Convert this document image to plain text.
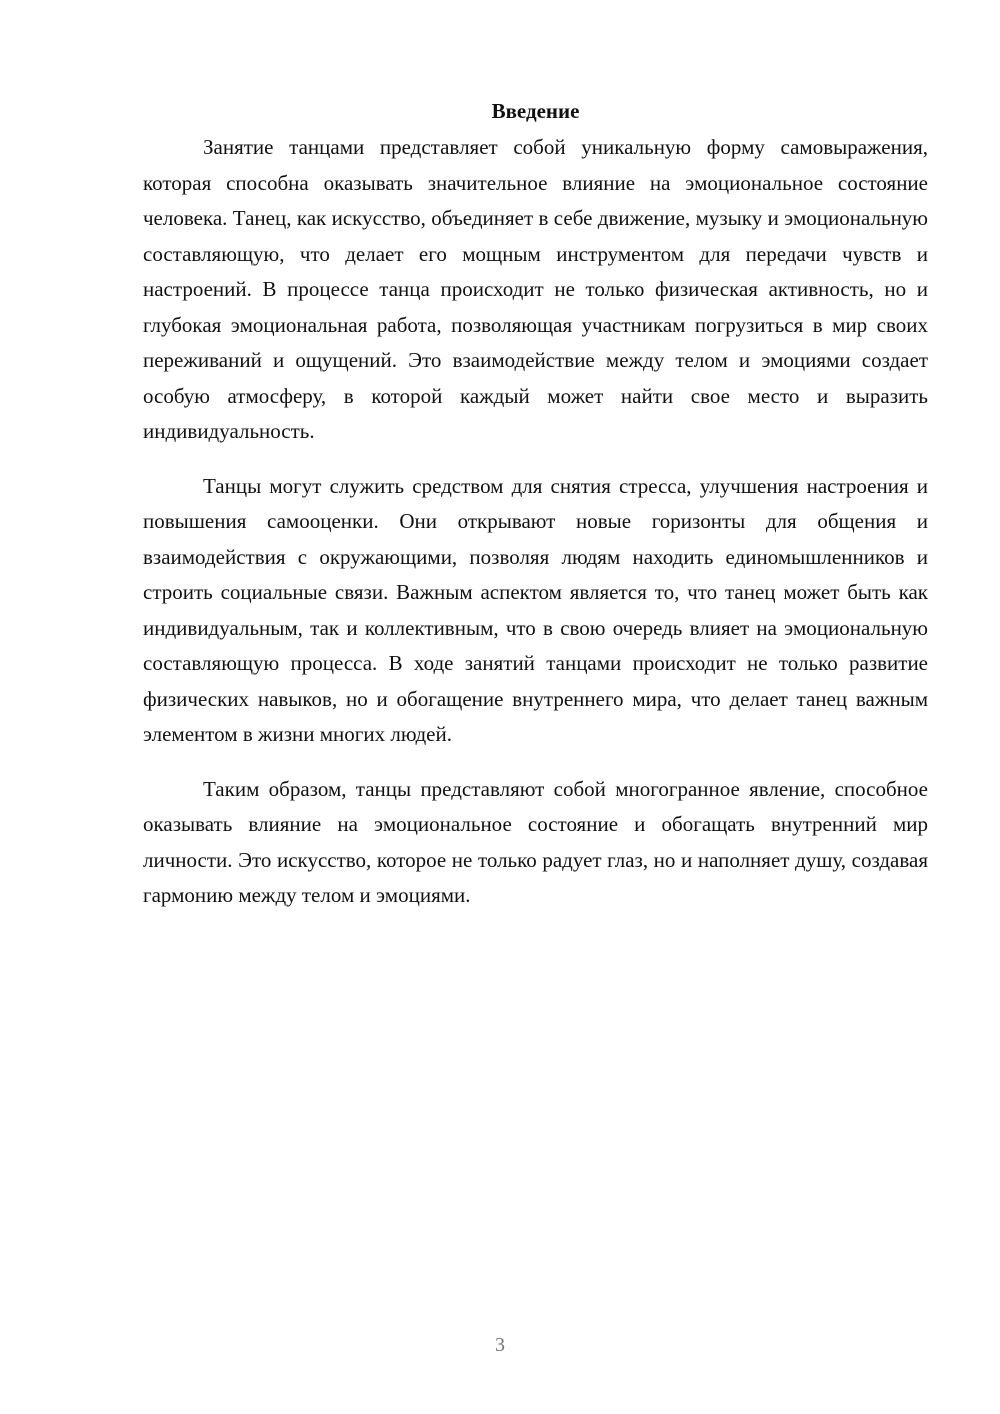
Введение

Занятие танцами представляет собой уникальную форму самовыражения, которая способна оказывать значительное влияние на эмоциональное состояние человека. Танец, как искусство, объединяет в себе движение, музыку и эмоциональную составляющую, что делает его мощным инструментом для передачи чувств и настроений. В процессе танца происходит не только физическая активность, но и глубокая эмоциональная работа, позволяющая участникам погрузиться в мир своих переживаний и ощущений. Это взаимодействие между телом и эмоциями создает особую атмосферу, в которой каждый может найти свое место и выразить индивидуальность.

Танцы могут служить средством для снятия стресса, улучшения настроения и повышения самооценки. Они открывают новые горизонты для общения и взаимодействия с окружающими, позволяя людям находить единомышленников и строить социальные связи. Важным аспектом является то, что танец может быть как индивидуальным, так и коллективным, что в свою очередь влияет на эмоциональную составляющую процесса. В ходе занятий танцами происходит не только развитие физических навыков, но и обогащение внутреннего мира, что делает танец важным элементом в жизни многих людей.

Таким образом, танцы представляют собой многогранное явление, способное оказывать влияние на эмоциональное состояние и обогащать внутренний мир личности. Это искусство, которое не только радует глаз, но и наполняет душу, создавая гармонию между телом и эмоциями.

3
